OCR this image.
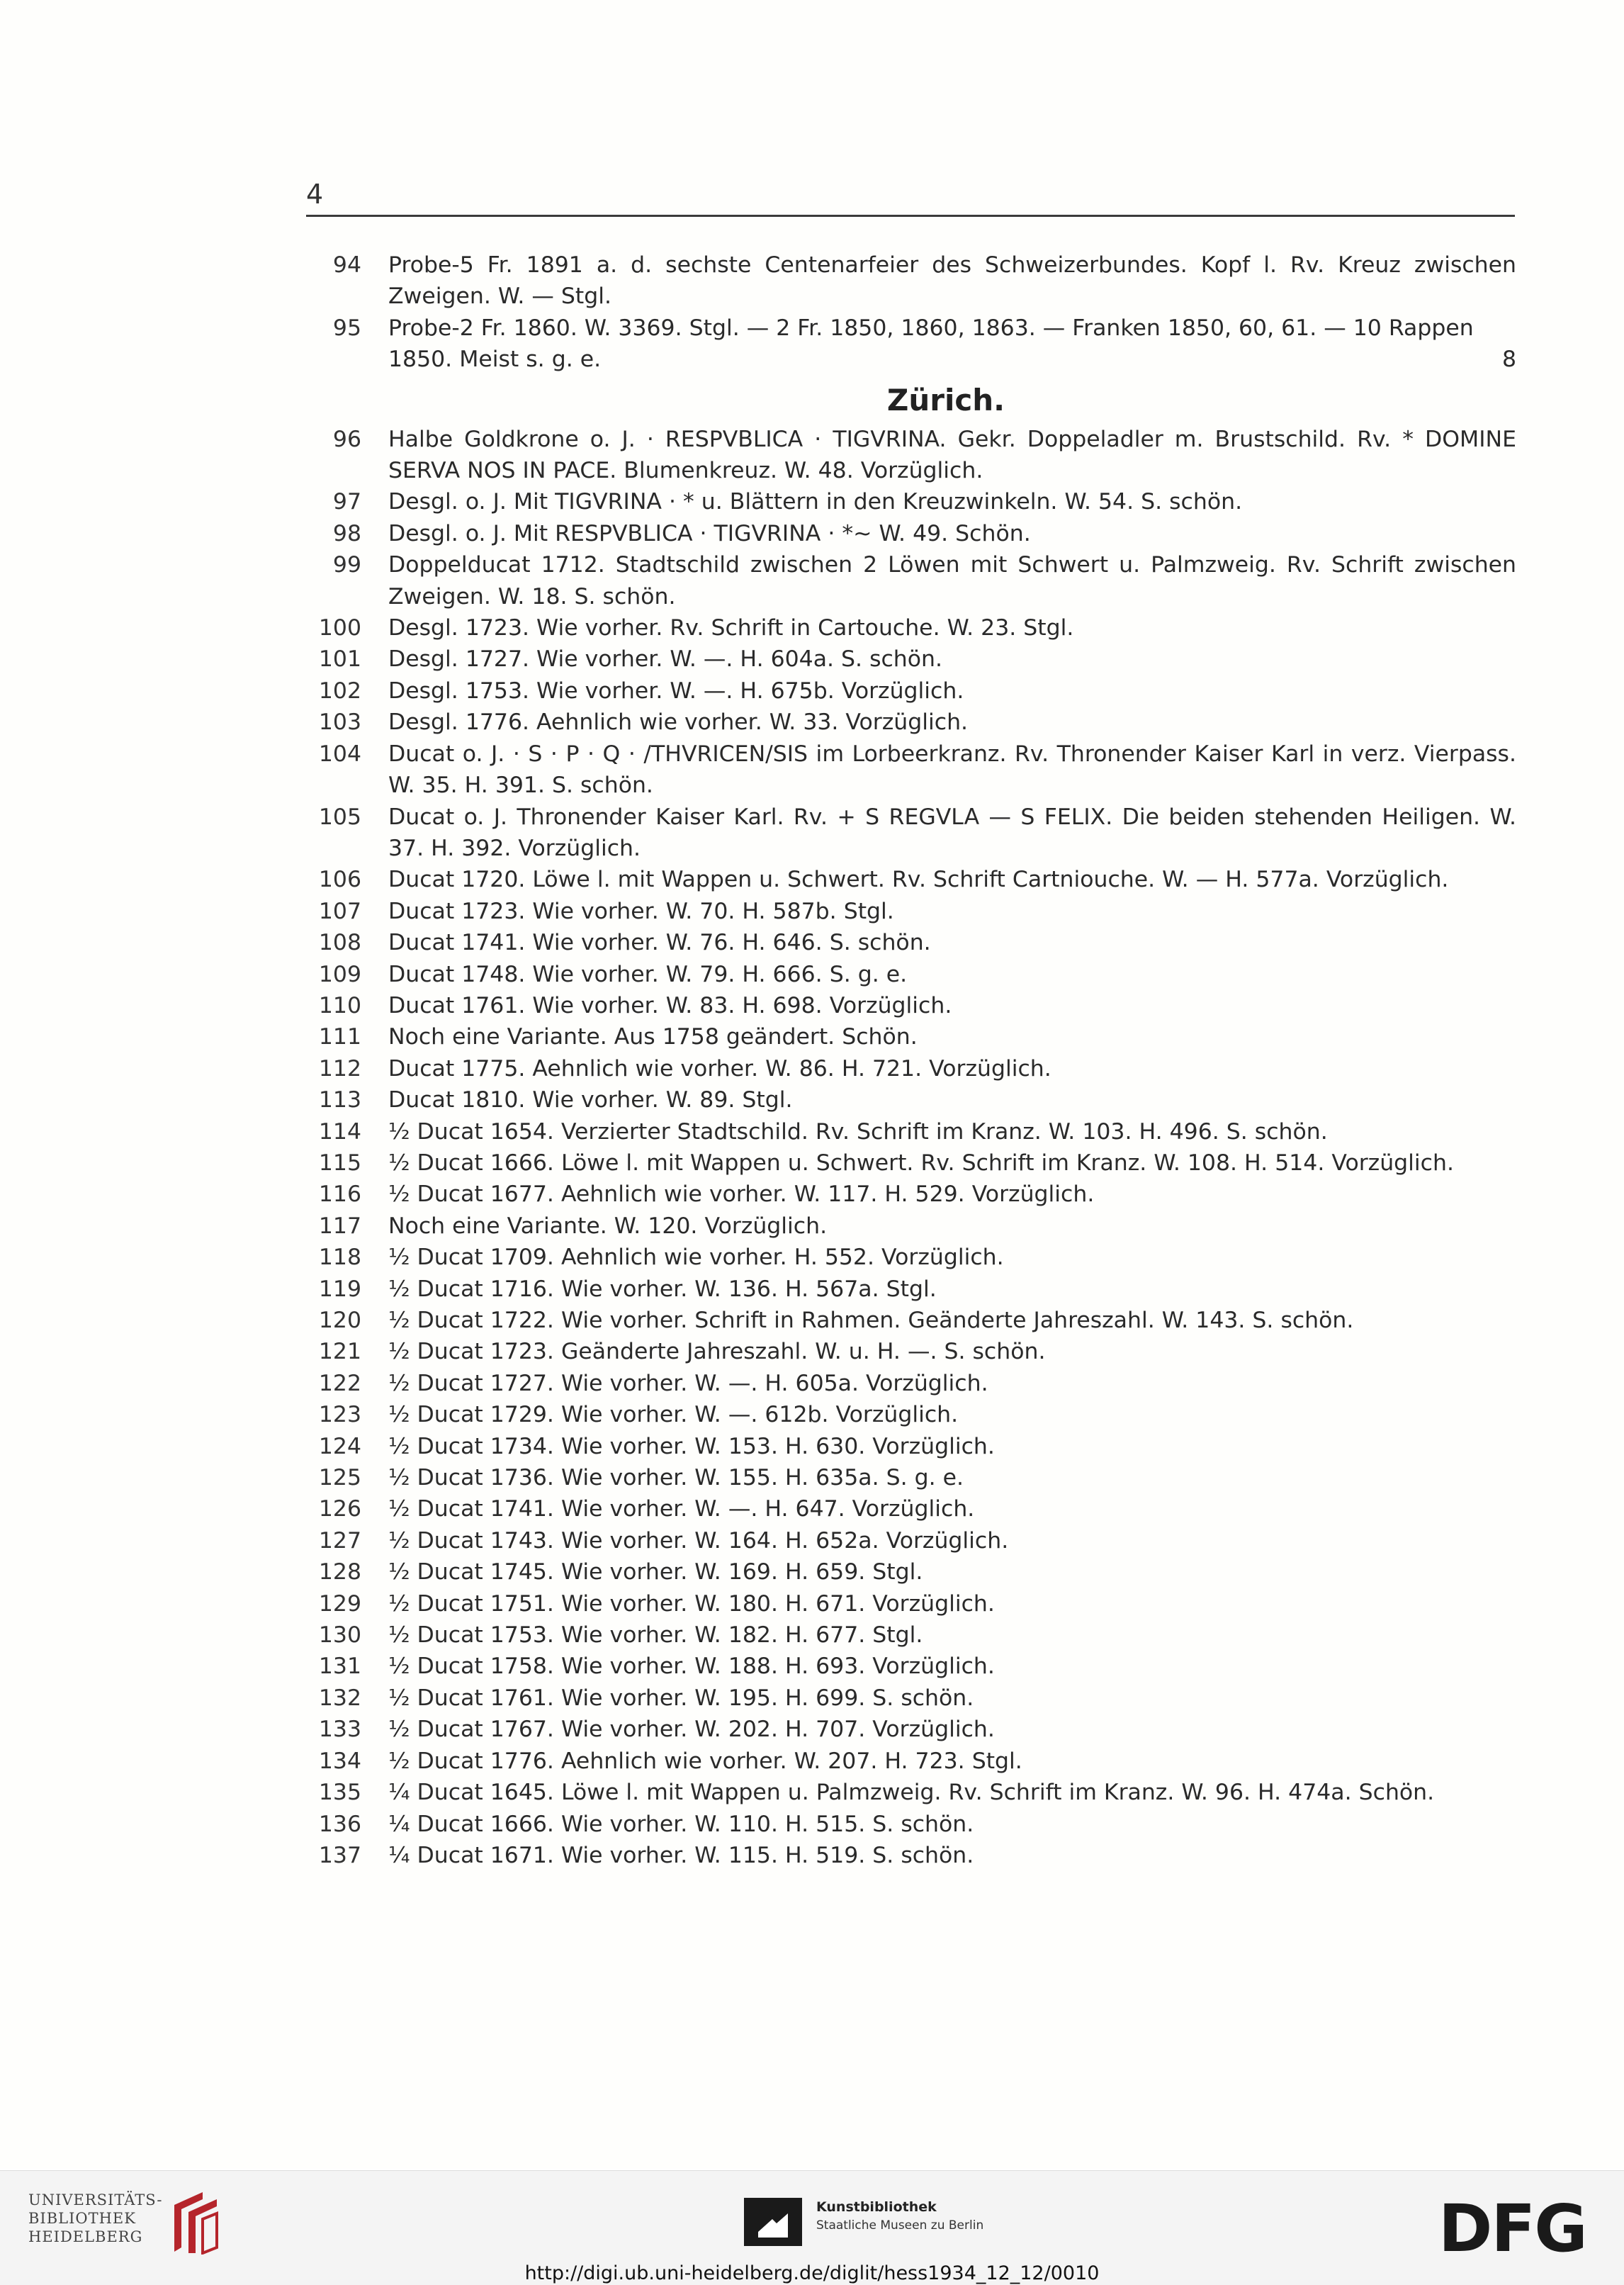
4
94 Probe-5 Fr. 1891 a. d. sechste Centenarfeier des Schweizerbundes. Kopf l. Rv. Kreuz zwischen Zweigen. W. — Stgl.
95 Probe-2 Fr. 1860. W. 3369. Stgl. — 2 Fr. 1850, 1860, 1863. — Franken 1850, 60, 61. — 10 Rappen
1850. Meist s. g. e.	8
Zürich.
96 Halbe Goldkrone o. J. · RESPVBLICA · TIGVRINA. Gekr. Doppeladler m. Brustschild. Rv. * DOMINE SERVA NOS IN PACE. Blumenkreuz. W. 48. Vorzüglich.
97 Desgl. o. J. Mit TIGVRINA · * u. Blättern in den Kreuzwinkeln. W. 54. S. schön.
98 Desgl. o. J. Mit RESPVBLICA · TIGVRINA · *~ W. 49. Schön.
99 Doppelducat 1712. Stadtschild zwischen 2 Löwen mit Schwert u. Palmzweig. Rv. Schrift zwischen Zweigen. W. 18. S. schön.
100 Desgl. 1723. Wie vorher. Rv. Schrift in Cartouche. W. 23. Stgl.
101 Desgl. 1727. Wie vorher. W. —. H. 604a. S. schön.
102 Desgl. 1753. Wie vorher. W. —. H. 675b. Vorzüglich.
103 Desgl. 1776. Aehnlich wie vorher. W. 33. Vorzüglich.
104 Ducat o. J. · S · P · Q · /THVRICEN/SIS im Lorbeerkranz. Rv. Thronender Kaiser Karl in verz. Vierpass. W. 35. H. 391. S. schön.
105 Ducat o. J. Thronender Kaiser Karl. Rv. + S REGVLA — S FELIX. Die beiden stehenden Heiligen. W. 37. H. 392. Vorzüglich.
106 Ducat 1720. Löwe l. mit Wappen u. Schwert. Rv. Schrift Cartniouche. W. — H. 577a. Vorzüglich.
107 Ducat 1723. Wie vorher. W. 70. H. 587b. Stgl.
108 Ducat 1741. Wie vorher. W. 76. H. 646. S. schön.
109 Ducat 1748. Wie vorher. W. 79. H. 666. S. g. e.
110 Ducat 1761. Wie vorher. W. 83. H. 698. Vorzüglich.
111 Noch eine Variante. Aus 1758 geändert. Schön.
112 Ducat 1775. Aehnlich wie vorher. W. 86. H. 721. Vorzüglich.
113 Ducat 1810. Wie vorher. W. 89. Stgl.
114 ½ Ducat 1654. Verzierter Stadtschild. Rv. Schrift im Kranz. W. 103. H. 496. S. schön.
115 ½ Ducat 1666. Löwe l. mit Wappen u. Schwert. Rv. Schrift im Kranz. W. 108. H. 514. Vorzüglich.
116 ½ Ducat 1677. Aehnlich wie vorher. W. 117. H. 529. Vorzüglich.
117 Noch eine Variante. W. 120. Vorzüglich.
118 ½ Ducat 1709. Aehnlich wie vorher. H. 552. Vorzüglich.
119 ½ Ducat 1716. Wie vorher. W. 136. H. 567a. Stgl.
120 ½ Ducat 1722. Wie vorher. Schrift in Rahmen. Geänderte Jahreszahl. W. 143. S. schön.
121 ½ Ducat 1723. Geänderte Jahreszahl. W. u. H. —. S. schön.
122 ½ Ducat 1727. Wie vorher. W. —. H. 605a. Vorzüglich.
123 ½ Ducat 1729. Wie vorher. W. —. 612b. Vorzüglich.
124 ½ Ducat 1734. Wie vorher. W. 153. H. 630. Vorzüglich.
125 ½ Ducat 1736. Wie vorher. W. 155. H. 635a. S. g. e.
126 ½ Ducat 1741. Wie vorher. W. —. H. 647. Vorzüglich.
127 ½ Ducat 1743. Wie vorher. W. 164. H. 652a. Vorzüglich.
128 ½ Ducat 1745. Wie vorher. W. 169. H. 659. Stgl.
129 ½ Ducat 1751. Wie vorher. W. 180. H. 671. Vorzüglich.
130 ½ Ducat 1753. Wie vorher. W. 182. H. 677. Stgl.
131 ½ Ducat 1758. Wie vorher. W. 188. H. 693. Vorzüglich.
132 ½ Ducat 1761. Wie vorher. W. 195. H. 699. S. schön.
133 ½ Ducat 1767. Wie vorher. W. 202. H. 707. Vorzüglich.
134 ½ Ducat 1776. Aehnlich wie vorher. W. 207. H. 723. Stgl.
135 ¼ Ducat 1645. Löwe l. mit Wappen u. Palmzweig. Rv. Schrift im Kranz. W. 96. H. 474a. Schön.
136 ¼ Ducat 1666. Wie vorher. W. 110. H. 515. S. schön.
137 ¼ Ducat 1671. Wie vorher. W. 115. H. 519. S. schön.
UNIVERSITÄTS-
BIBLIOTHEK
HEIDELBERG
Kunstbibliothek
Staatliche Museen zu Berlin	DFG
http://digi.ub.uni-heidelberg.de/diglit/hess1934_12_12/0010
